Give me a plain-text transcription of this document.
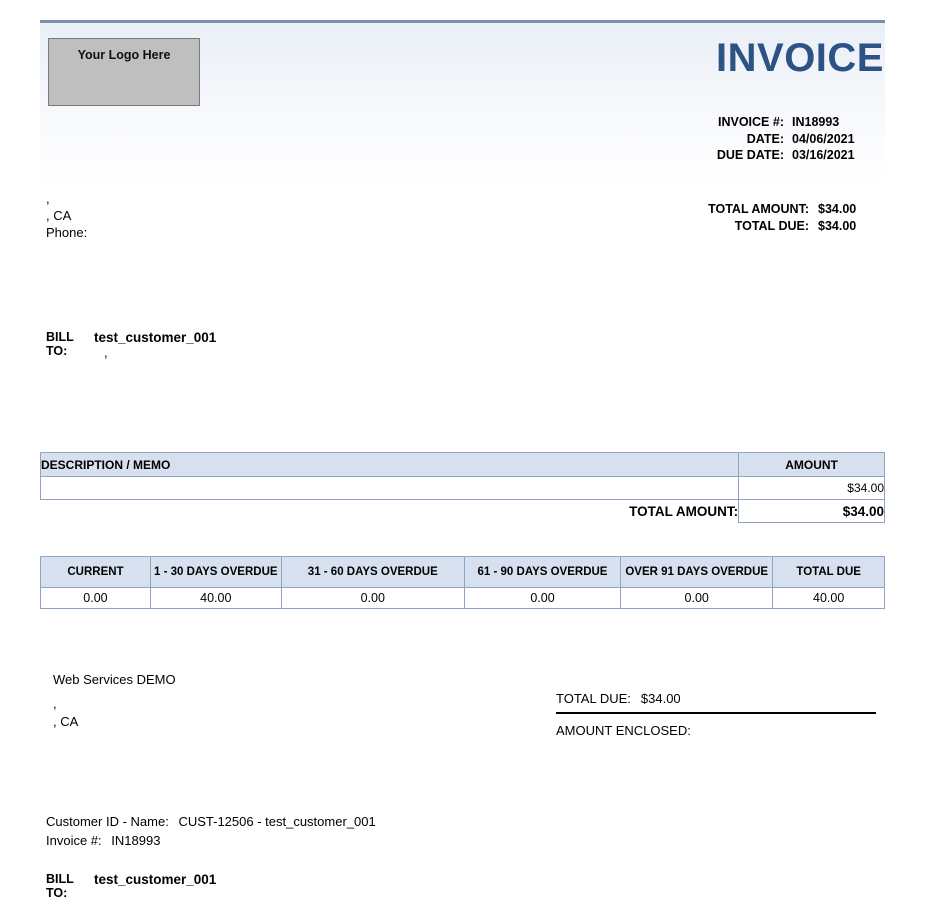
Your Logo Here	INVOICE
INVOICE #: IN18993
DATE: 04/06/2021
DUE DATE: 03/16/2021
,
, CA
Phone:
TOTAL AMOUNT: $34.00
TOTAL DUE: $34.00
BILL
TO:
test_customer_001
,
DESCRIPTION / MEMO	AMOUNT
	$34.00
TOTAL AMOUNT:	$34.00
CURRENT	1 - 30 DAYS OVERDUE	31 - 60 DAYS OVERDUE	61 - 90 DAYS OVERDUE	OVER 91 DAYS OVERDUE	TOTAL DUE
0.00	40.00	0.00	0.00	0.00	40.00
Web Services DEMO
,
, CA
TOTAL DUE: $34.00
AMOUNT ENCLOSED:
Customer ID - Name: CUST-12506 - test_customer_001
Invoice #: IN18993
BILL
TO:
test_customer_001
